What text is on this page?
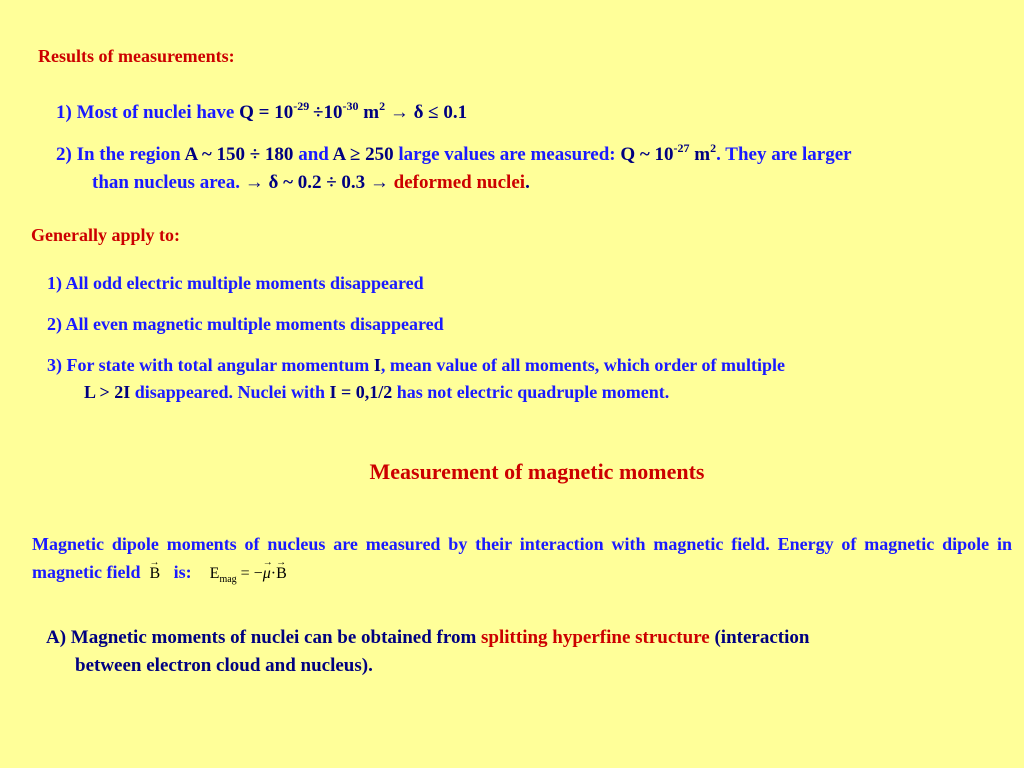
Results of measurements:
1) Most of nuclei have $Q = 10^{-29} \div 10^{-30}$ $m^2 \to \delta \le 0.1$
2) In the region A ~ 150 ÷ 180 and A ≥ 250 large values are measured: Q ~ $10^{-27}$ $m^2$. They are larger
than nucleus area. → δ ~ 0.2 ÷ 0.3 → deformed nuclei.
Generally apply to:
1) All odd electric multiple moments disappeared
2) All even magnetic multiple moments disappeared
3) For state with total angular momentum I, mean value of all moments, which order of multiple
L > 2I disappeared. Nuclei with I = 0,1/2 has not electric quadruple moment.
Measurement of magnetic moments
Magnetic dipole moments of nucleus are measured by their interaction with magnetic field. Energy of magnetic dipole in magnetic field →
B is: $E_{mag}$ = −
→
μ·
→
B
A) Magnetic moments of nuclei can be obtained from splitting hyperfine structure (interaction
between electron cloud and nucleus).
